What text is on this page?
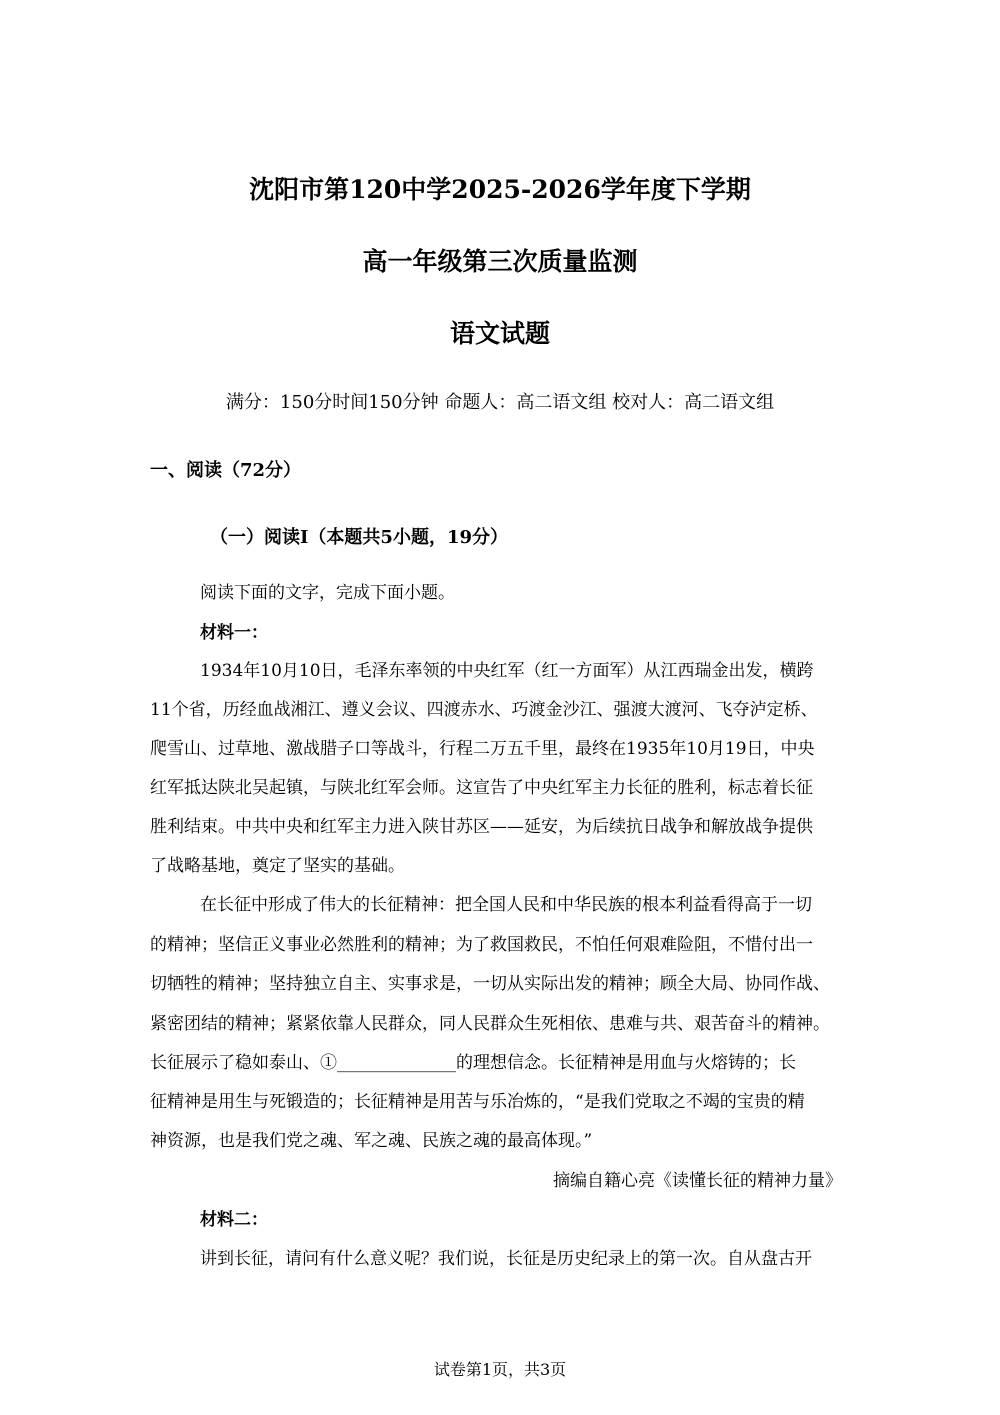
沈阳市第120中学2025-2026学年度下学期
高一年级第三次质量监测
语文试题
满分：150分时间150分钟 命题人：高二语文组 校对人：高二语文组
一、阅读（72分）
（一）阅读I（本题共5小题，19分）
阅读下面的文字，完成下面小题。
材料一：
1934年10月10日，毛泽东率领的中央红军（红一方面军）从江西瑞金出发，横跨
11个省，历经血战湘江、遵义会议、四渡赤水、巧渡金沙江、强渡大渡河、飞夺泸定桥、
爬雪山、过草地、激战腊子口等战斗，行程二万五千里，最终在1935年10月19日，中央
红军抵达陕北吴起镇，与陕北红军会师。这宣告了中央红军主力长征的胜利，标志着长征
胜利结束。中共中央和红军主力进入陕甘苏区——延安，为后续抗日战争和解放战争提供
了战略基地，奠定了坚实的基础。
在长征中形成了伟大的长征精神：把全国人民和中华民族的根本利益看得高于一切
的精神；坚信正义事业必然胜利的精神；为了救国救民，不怕任何艰难险阻，不惜付出一
切牺牲的精神；坚持独立自主、实事求是，一切从实际出发的精神；顾全大局、协同作战、
紧密团结的精神；紧紧依靠人民群众，同人民群众生死相依、患难与共、艰苦奋斗的精神。
长征展示了稳如泰山、①______________的理想信念。长征精神是用血与火熔铸的；长
征精神是用生与死锻造的；长征精神是用苦与乐冶炼的，“是我们党取之不竭的宝贵的精
神资源，也是我们党之魂、军之魂、民族之魂的最高体现。”
摘编自籍心亮《读懂长征的精神力量》
材料二：
讲到长征，请问有什么意义呢？我们说，长征是历史纪录上的第一次。自从盘古开
试卷第1页，共3页
